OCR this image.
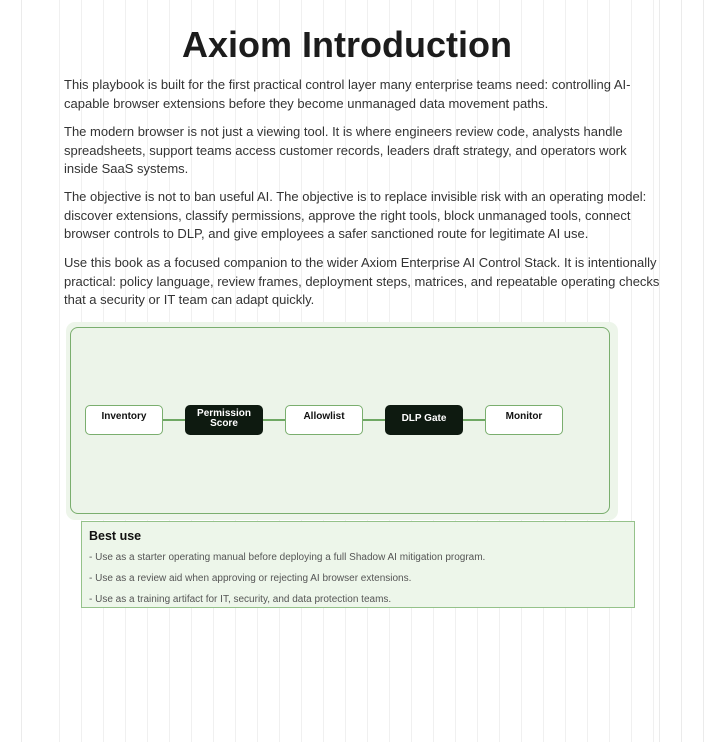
Axiom Introduction

This playbook is built for the first practical control layer many enterprise teams need: controlling AI-capable browser extensions before they become unmanaged data movement paths.

The modern browser is not just a viewing tool. It is where engineers review code, analysts handle spreadsheets, support teams access customer records, leaders draft strategy, and operators work inside SaaS systems.

The objective is not to ban useful AI. The objective is to replace invisible risk with an operating model: discover extensions, classify permissions, approve the right tools, block unmanaged tools, connect browser controls to DLP, and give employees a safer sanctioned route for legitimate AI use.

Use this book as a focused companion to the wider Axiom Enterprise AI Control Stack. It is intentionally practical: policy language, review frames, deployment steps, matrices, and repeatable operating checks that a security or IT team can adapt quickly.

Inventory	Permission Score
Allowlist	DLP Gate	Monitor

Best use

- Use as a starter operating manual before deploying a full Shadow AI mitigation program.

- Use as a review aid when approving or rejecting AI browser extensions.

- Use as a training artifact for IT, security, and data protection teams.
